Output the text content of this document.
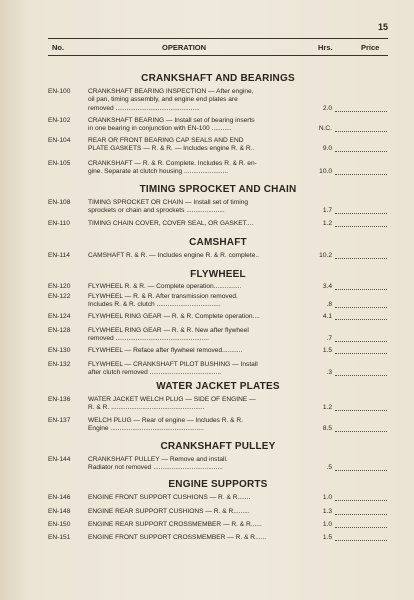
15
No.	OPERATION	Hrs.	Price
CRANKSHAFT AND BEARINGS
EN-100	CRANKSHAFT BEARING INSPECTION — After engine,
oil pan, timing assembly, and engine end plates are
removed ..............................................	2.0
EN-102	CRANKSHAFT BEARING — Install set of bearing inserts
in one bearing in conjunction with EN-100 ...........	N.C.
EN-104	REAR OR FRONT BEARING CAP SEALS AND END
PLATE GASKETS — R. & R. — Includes engine R. & R..	9.0
EN-105	CRANKSHAFT — R. & R. Complete. Includes R. & R. en-
gine. Separate at clutch housing ........................	10.0
TIMING SPROCKET AND CHAIN
EN-108	TIMING SPROCKET OR CHAIN — Install set of timing
sprockets or chain and sprockets .....................	1.7
EN-110	TIMING CHAIN COVER, COVER SEAL, OR GASKET....	1.2
CAMSHAFT
EN-114	CAMSHAFT R. & R. — Includes engine R. & R. complete..	10.2
FLYWHEEL
EN-120	FLYWHEEL R. & R. — Complete operation...............	3.4
EN-122	FLYWHEEL — R. & R. After transmission removed.
Includes R. & R. clutch ...................................	.8
EN-124	FLYWHEEL RING GEAR — R. & R. Complete operation....	4.1
EN-128	FLYWHEEL RING GEAR — R. & R. New after flywheel
removed ...................................................	.7
EN-130	FLYWHEEL — Reface after flywheel removed...........	1.5
EN-132	FLYWHEEL — CRANKSHAFT PILOT BUSHING — Install
after clutch removed .......................................	.3
WATER JACKET PLATES
EN-136	WATER JACKET WELCH PLUG — SIDE OF ENGINE —
R. & R. ...................................................	1.2
EN-137	WELCH PLUG — Rear of engine — Includes R. & R.
Engine ...................................................	8.5
CRANKSHAFT PULLEY
EN-144	CRANKSHAFT PULLEY — Remove and install.
Radiator not removed ......................................	.5
ENGINE SUPPORTS
EN-146	ENGINE FRONT SUPPORT CUSHIONS — R. & R.......	1.0
EN-148	ENGINE REAR SUPPORT CUSHIONS — R. & R.........	1.3
EN-150	ENGINE REAR SUPPORT CROSSMEMBER — R. & R......	1.0
EN-151	ENGINE FRONT SUPPORT CROSSMEMBER — R. & R......	1.5
